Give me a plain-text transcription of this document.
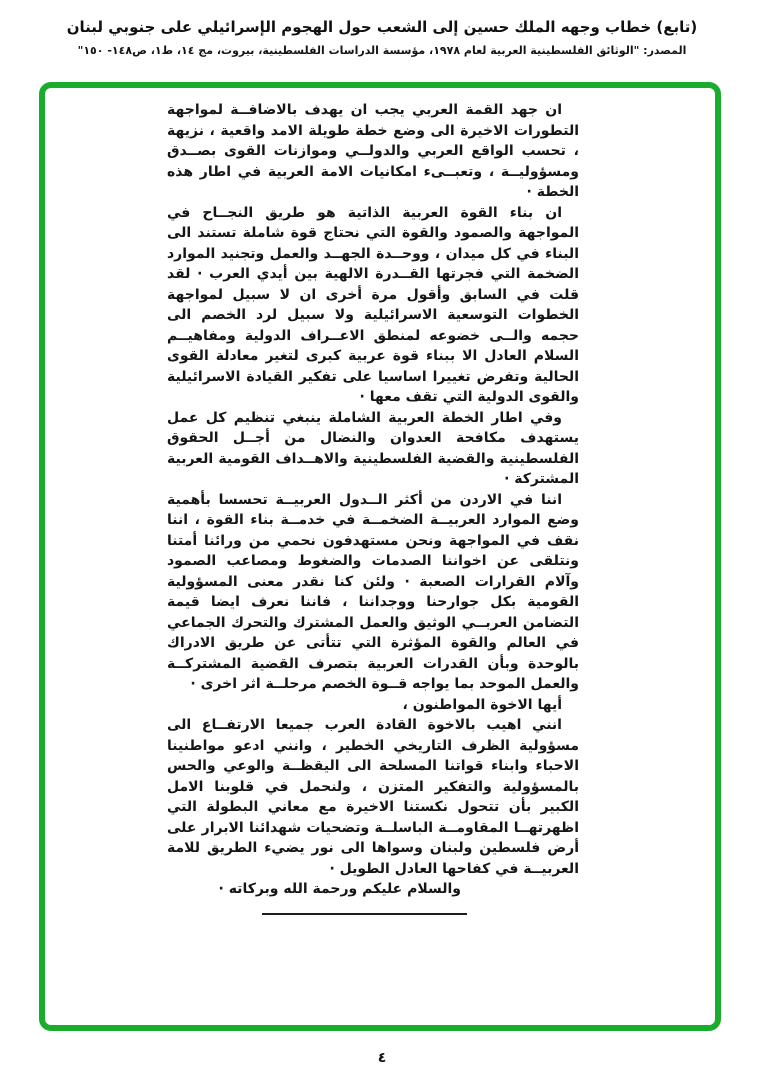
(تابع) خطاب وجهه الملك حسين إلى الشعب حول الهجوم الإسرائيلي على جنوبي لبنان
المصدر: "الوثائق الفلسطينية العربية لعام ١٩٧٨، مؤسسة الدراسات الفلسطينية، بيروت، مج ١٤، ط١، ص١٤٨- ١٥٠"

ان جهد القمة العربي يجب ان يهدف بالاضافــة لمواجهة التطورات الاخيرة الى وضع خطة طويلة الامد واقعية ، نزيهة ، تحسب الواقع العربي والدولــي وموازنات القوى بصــدق ومسؤوليــة ، وتعبــىء امكانيات الامة العربية في اطار هذه الخطة ·

ان بناء القوة العربية الذاتية هو طريق النجــاح في المواجهة والصمود والقوة التي نحتاج قوة شاملة تستند الى البناء في كل ميدان ، ووحــدة الجهــد والعمل وتجنيد الموارد الضخمة التي فجرتها القــدرة الالهية بين أيدي العرب · لقد قلت في السابق وأقول مرة أخرى ان لا سبيل لمواجهة الخطوات التوسعية الاسرائيلية ولا سبيل لرد الخصم الى حجمه والــى خضوعه لمنطق الاعــراف الدولية ومفاهيــم السلام العادل الا ببناء قوة عربية كبرى لتغير معادلة القوى الحالية وتفرض تغييرا اساسيا على تفكير القيادة الاسرائيلية والقوى الدولية التي تقف معها ·

وفي اطار الخطة العربية الشاملة ينبغي تنظيم كل عمل يستهدف مكافحة العدوان والنضال من أجــل الحقوق الفلسطينية والقضية الفلسطينية والاهــداف القومية العربية المشتركة ·

اننا في الاردن من أكثر الــدول العربيــة تحسسا بأهمية وضع الموارد العربيــة الضخمــة في خدمــة بناء القوة ، اننا نقف في المواجهة ونحن مستهدفون نحمي من ورائنا أمتنا ونتلقى عن اخواننا الصدمات والضغوط ومصاعب الصمود وآلام القرارات الصعبة · ولئن كنا نقدر معنى المسؤولية القومية بكل جوارحنا ووجداننا ، فاننا نعرف ايضا قيمة التضامن العربــي الوثيق والعمل المشترك والتحرك الجماعي في العالم والقوة المؤثرة التي تتأتى عن طريق الادراك بالوحدة وبأن القدرات العربية بتصرف القضية المشتركــة والعمل الموحد بما يواجه قــوة الخصم مرحلــة اثر اخرى ·

أيها الاخوة المواطنون ،

انني اهيب بالاخوة القادة العرب جميعا الارتفــاع الى مسؤولية الظرف التاريخي الخطير ، وانني ادعو مواطنينا الاحباء وابناء قواتنا المسلحة الى اليقظــة والوعي والحس بالمسؤولية والتفكير المتزن ، ولنحمل في قلوبنا الامل الكبير بأن تتحول نكستنا الاخيرة مع معاني البطولة التي اظهرتهــا المقاومــة الباسلــة وتضحيات شهدائنا الابرار على أرض فلسطين ولبنان وسواها الى نور يضيء الطريق للامة العربيــة في كفاحها العادل الطويل ·

والسلام عليكم ورحمة الله وبركاته ·

٤
